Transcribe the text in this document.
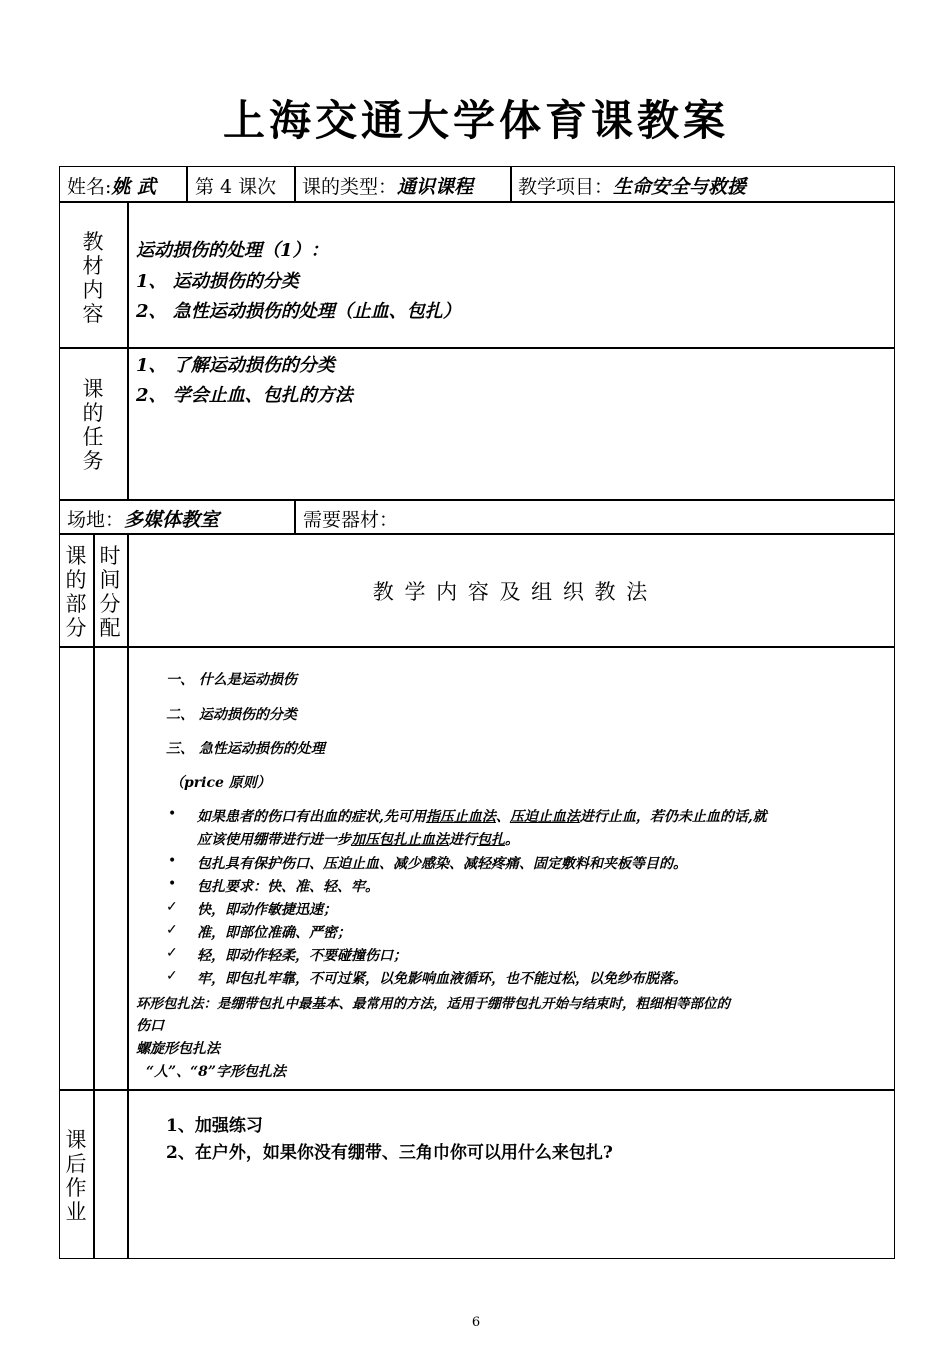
上海交通大学体育课教案
姓名:姚 武 第 4 课次 课的类型：通识课程 教学项目：生命安全与救援
教材内容
运动损伤的处理（1）：
1、 运动损伤的分类
2、 急性运动损伤的处理（止血、包扎）
课的任务
1、 了解运动损伤的分类
2、 学会止血、包扎的方法
场地：多媒体教室	需要器材：
课的部分
时间分配
教 学 内 容 及 组 织 教 法
一、 什么是运动损伤
二、 运动损伤的分类
三、 急性运动损伤的处理
（price 原则）
• 如果患者的伤口有出血的症状,先可用指压止血法、压迫止血法进行止血，若仍未止血的话,就
应该使用绷带进行进一步加压包扎止血法进行包扎。
• 包扎具有保护伤口、压迫止血、减少感染、减轻疼痛、固定敷料和夹板等目的。
• 包扎要求：快、准、轻、牢。
✓ 快，即动作敏捷迅速；
✓ 准，即部位准确、严密；
✓ 轻，即动作轻柔，不要碰撞伤口；
✓ 牢，即包扎牢靠，不可过紧，以免影响血液循环，也不能过松，以免纱布脱落。
环形包扎法：是绷带包扎中最基本、最常用的方法，适用于绷带包扎开始与结束时，粗细相等部位的
伤口
螺旋形包扎法
“人”、“8”字形包扎法
课后作业
1、加强练习
2、在户外，如果你没有绷带、三角巾你可以用什么来包扎?
6
